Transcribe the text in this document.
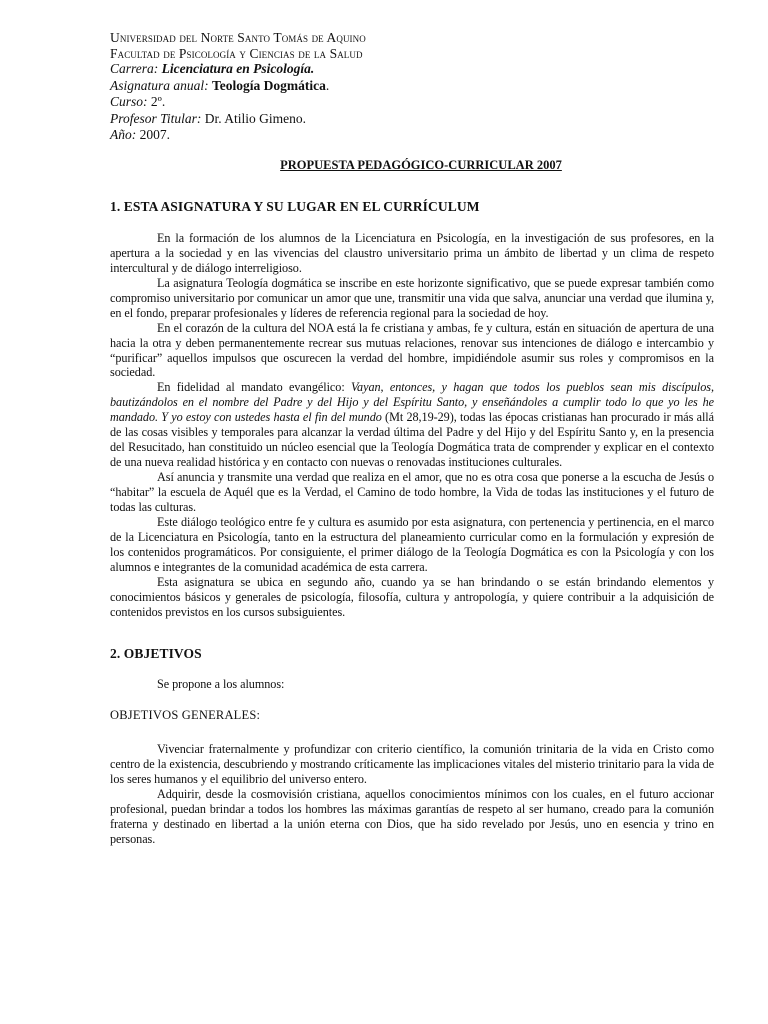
Universidad del Norte Santo Tomás de Aquino

Facultad de Psicología y Ciencias de la Salud

Carrera: Licenciatura en Psicología.

Asignatura anual: Teología Dogmática.

Curso: 2º.

Profesor Titular: Dr. Atilio Gimeno.

Año: 2007.

PROPUESTA PEDAGÓGICO-CURRICULAR 2007

1. ESTA ASIGNATURA Y SU LUGAR EN EL CURRÍCULUM

En la formación de los alumnos de la Licenciatura en Psicología, en la investigación de sus profesores, en la apertura a la sociedad y en las vivencias del claustro universitario prima un ámbito de libertad y un clima de respeto intercultural y de diálogo interreligioso.

La asignatura Teología dogmática se inscribe en este horizonte significativo, que se puede expresar también como compromiso universitario por comunicar un amor que une, transmitir una vida que salva, anunciar una verdad que ilumina y, en el fondo, preparar profesionales y líderes de referencia regional para la sociedad de hoy.

En el corazón de la cultura del NOA está la fe cristiana y ambas, fe y cultura, están en situación de apertura de una hacia la otra y deben permanentemente recrear sus mutuas relaciones, renovar sus intenciones de diálogo e intercambio y “purificar” aquellos impulsos que oscurecen la verdad del hombre, impidiéndole asumir sus roles y compromisos en la sociedad.

En fidelidad al mandato evangélico: Vayan, entonces, y hagan que todos los pueblos sean mis discípulos, bautizándolos en el nombre del Padre y del Hijo y del Espíritu Santo, y enseñándoles a cumplir todo lo que yo les he mandado. Y yo estoy con ustedes hasta el fin del mundo (Mt 28,19-29), todas las épocas cristianas han procurado ir más allá de las cosas visibles y temporales para alcanzar la verdad última del Padre y del Hijo y del Espíritu Santo y, en la presencia del Resucitado, han constituido un núcleo esencial que la Teología Dogmática trata de comprender y explicar en el contexto de una nueva realidad histórica y en contacto con nuevas o renovadas instituciones culturales.

Así anuncia y transmite una verdad que realiza en el amor, que no es otra cosa que ponerse a la escucha de Jesús o “habitar” la escuela de Aquél que es la Verdad, el Camino de todo hombre, la Vida de todas las instituciones y el futuro de todas las culturas.

Este diálogo teológico entre fe y cultura es asumido por esta asignatura, con pertenencia y pertinencia, en el marco de la Licenciatura en Psicología, tanto en la estructura del planeamiento curricular como en la formulación y expresión de los contenidos programáticos. Por consiguiente, el primer diálogo de la Teología Dogmática es con la Psicología y con los alumnos e integrantes de la comunidad académica de esta carrera.

Esta asignatura se ubica en segundo año, cuando ya se han brindando o se están brindando elementos y conocimientos básicos y generales de psicología, filosofía, cultura y antropología, y quiere contribuir a la adquisición de contenidos previstos en los cursos subsiguientes.

2. OBJETIVOS

Se propone a los alumnos:

OBJETIVOS GENERALES:

Vivenciar fraternalmente y profundizar con criterio científico, la comunión trinitaria de la vida en Cristo como centro de la existencia, descubriendo y mostrando críticamente las implicaciones vitales del misterio trinitario para la vida de los seres humanos y el equilibrio del universo entero.

Adquirir, desde la cosmovisión cristiana, aquellos conocimientos mínimos con los cuales, en el futuro accionar profesional, puedan brindar a todos los hombres las máximas garantías de respeto al ser humano, creado para la comunión fraterna y destinado en libertad a la unión eterna con Dios, que ha sido revelado por Jesús, uno en esencia y trino en personas.
